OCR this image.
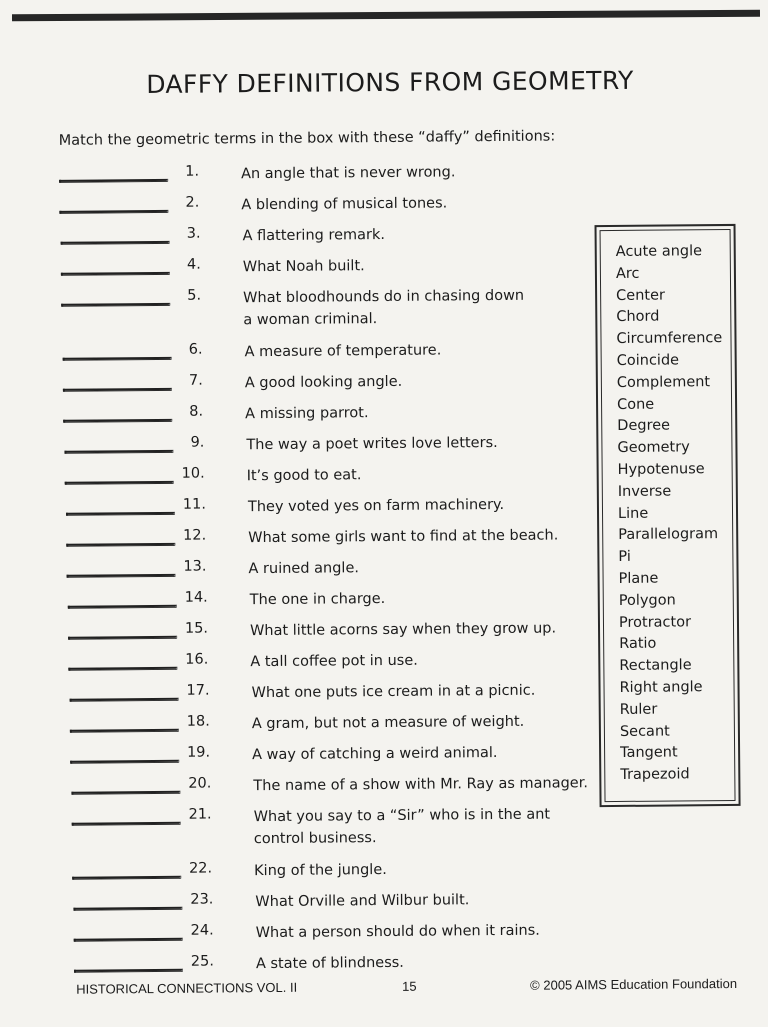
DAFFY DEFINITIONS FROM GEOMETRY
Match the geometric terms in the box with these “daffy” definitions:
1.	An angle that is never wrong.
2.	A blending of musical tones.
3.	A flattering remark.
4.	What Noah built.
5.	What bloodhounds do in chasing down
a woman criminal.
6.	A measure of temperature.
7.	A good looking angle.
8.	A missing parrot.
9.	The way a poet writes love letters.
10.	It’s good to eat.
11.	They voted yes on farm machinery.
12.	What some girls want to find at the beach.
13.	A ruined angle.
14.	The one in charge.
15.	What little acorns say when they grow up.
16.	A tall coffee pot in use.
17.	What one puts ice cream in at a picnic.
18.	A gram, but not a measure of weight.
19.	A way of catching a weird animal.
20.	The name of a show with Mr. Ray as manager.
21.	What you say to a “Sir” who is in the ant
control business.
22.	King of the jungle.
23.	What Orville and Wilbur built.
24.	What a person should do when it rains.
25.	A state of blindness.
Acute angle
Arc
Center
Chord
Circumference
Coincide
Complement
Cone
Degree
Geometry
Hypotenuse
Inverse
Line
Parallelogram
Pi
Plane
Polygon
Protractor
Ratio
Rectangle
Right angle
Ruler
Secant
Tangent
Trapezoid
HISTORICAL CONNECTIONS VOL. II	15	© 2005 AIMS Education Foundation
